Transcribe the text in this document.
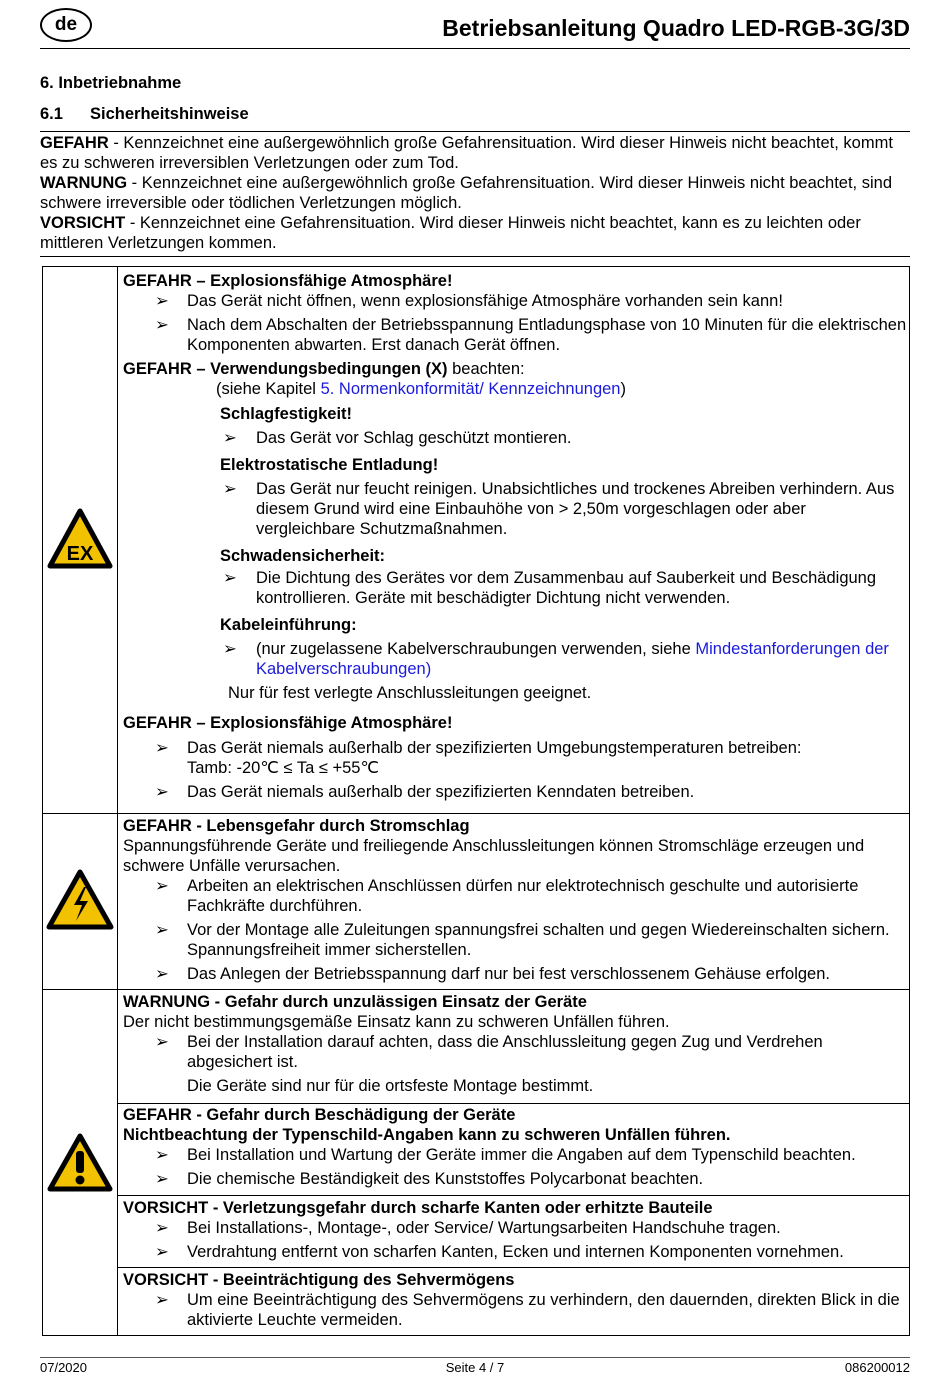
de	Betriebsanleitung Quadro LED-RGB-3G/3D
6. Inbetriebnahme
6.1 Sicherheitshinweise

GEFAHR - Kennzeichnet eine außergewöhnlich große Gefahrensituation. Wird dieser Hinweis nicht beachtet, kommt es zu schweren irreversiblen Verletzungen oder zum Tod.

WARNUNG - Kennzeichnet eine außergewöhnlich große Gefahrensituation. Wird dieser Hinweis nicht beachtet, sind schwere irreversible oder tödlichen Verletzungen möglich.

VORSICHT - Kennzeichnet eine Gefahrensituation. Wird dieser Hinweis nicht beachtet, kann es zu leichten oder mittleren Verletzungen kommen.

EX

GEFAHR – Explosionsfähige Atmosphäre!

➢ Das Gerät nicht öffnen, wenn explosionsfähige Atmosphäre vorhanden sein kann!

➢ Nach dem Abschalten der Betriebsspannung Entladungsphase von 10 Minuten für die elektrischen Komponenten abwarten. Erst danach Gerät öffnen.

GEFAHR – Verwendungsbedingungen (X) beachten:

(siehe Kapitel 5. Normenkonformität/ Kennzeichnungen)

Schlagfestigkeit!

➢ Das Gerät vor Schlag geschützt montieren.

Elektrostatische Entladung!

➢ Das Gerät nur feucht reinigen. Unabsichtliches und trockenes Abreiben verhindern. Aus diesem Grund wird eine Einbauhöhe von > 2,50m vorgeschlagen oder aber vergleichbare Schutzmaßnahmen.

Schwadensicherheit:

➢ Die Dichtung des Gerätes vor dem Zusammenbau auf Sauberkeit und Beschädigung kontrollieren. Geräte mit beschädigter Dichtung nicht verwenden.

Kabeleinführung:

➢ (nur zugelassene Kabelverschraubungen verwenden, siehe Mindestanforderungen der Kabelverschraubungen)

Nur für fest verlegte Anschlussleitungen geeignet.

GEFAHR – Explosionsfähige Atmosphäre!

➢ Das Gerät niemals außerhalb der spezifizierten Umgebungstemperaturen betreiben:
Tamb: -20℃ ≤ Ta ≤ +55℃

➢ Das Gerät niemals außerhalb der spezifizierten Kenndaten betreiben.

GEFAHR - Lebensgefahr durch Stromschlag

Spannungsführende Geräte und freiliegende Anschlussleitungen können Stromschläge erzeugen und schwere Unfälle verursachen.

➢ Arbeiten an elektrischen Anschlüssen dürfen nur elektrotechnisch geschulte und autorisierte Fachkräfte durchführen.

➢ Vor der Montage alle Zuleitungen spannungsfrei schalten und gegen Wiedereinschalten sichern. Spannungsfreiheit immer sicherstellen.

➢ Das Anlegen der Betriebsspannung darf nur bei fest verschlossenem Gehäuse erfolgen.

WARNUNG - Gefahr durch unzulässigen Einsatz der Geräte

Der nicht bestimmungsgemäße Einsatz kann zu schweren Unfällen führen.

➢ Bei der Installation darauf achten, dass die Anschlussleitung gegen Zug und Verdrehen abgesichert ist.

Die Geräte sind nur für die ortsfeste Montage bestimmt.

GEFAHR - Gefahr durch Beschädigung der Geräte

Nichtbeachtung der Typenschild-Angaben kann zu schweren Unfällen führen.

➢ Bei Installation und Wartung der Geräte immer die Angaben auf dem Typenschild beachten.

➢ Die chemische Beständigkeit des Kunststoffes Polycarbonat beachten.

VORSICHT - Verletzungsgefahr durch scharfe Kanten oder erhitzte Bauteile

➢ Bei Installations-, Montage-, oder Service/ Wartungsarbeiten Handschuhe tragen.

➢ Verdrahtung entfernt von scharfen Kanten, Ecken und internen Komponenten vornehmen.

VORSICHT - Beeinträchtigung des Sehvermögens

➢ Um eine Beeinträchtigung des Sehvermögens zu verhindern, den dauernden, direkten Blick in die aktivierte Leuchte vermeiden.

07/2020	Seite 4 / 7	086200012
